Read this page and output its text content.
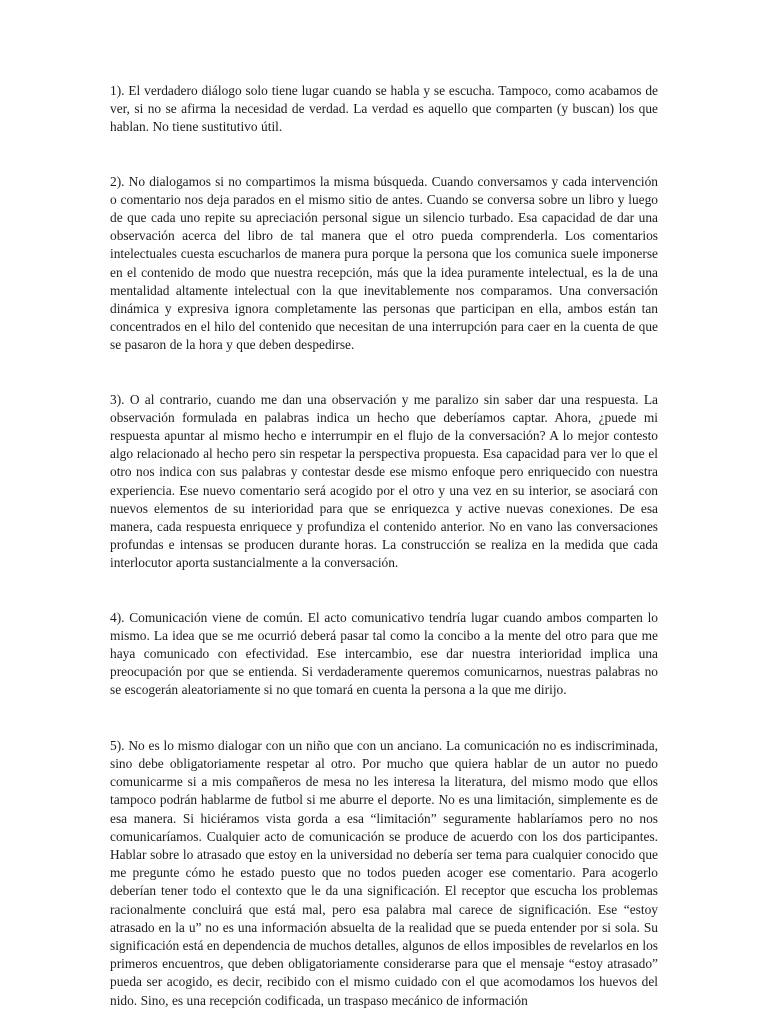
1). El verdadero diálogo solo tiene lugar cuando se habla y se escucha. Tampoco, como acabamos de ver, si no se afirma la necesidad de verdad. La verdad es aquello que comparten (y buscan) los que hablan. No tiene sustitutivo útil.

2). No dialogamos si no compartimos la misma búsqueda. Cuando conversamos y cada intervención o comentario nos deja parados en el mismo sitio de antes. Cuando se conversa sobre un libro y luego de que cada uno repite su apreciación personal sigue un silencio turbado. Esa capacidad de dar una observación acerca del libro de tal manera que el otro pueda comprenderla. Los comentarios intelectuales cuesta escucharlos de manera pura porque la persona que los comunica suele imponerse en el contenido de modo que nuestra recepción, más que la idea puramente intelectual, es la de una mentalidad altamente intelectual con la que inevitablemente nos comparamos. Una conversación dinámica y expresiva ignora completamente las personas que participan en ella, ambos están tan concentrados en el hilo del contenido que necesitan de una interrupción para caer en la cuenta de que se pasaron de la hora y que deben despedirse.

3). O al contrario, cuando me dan una observación y me paralizo sin saber dar una respuesta. La observación formulada en palabras indica un hecho que deberíamos captar. Ahora, ¿puede mi respuesta apuntar al mismo hecho e interrumpir en el flujo de la conversación? A lo mejor contesto algo relacionado al hecho pero sin respetar la perspectiva propuesta. Esa capacidad para ver lo que el otro nos indica con sus palabras y contestar desde ese mismo enfoque pero enriquecido con nuestra experiencia. Ese nuevo comentario será acogido por el otro y una vez en su interior, se asociará con nuevos elementos de su interioridad para que se enriquezca y active nuevas conexiones. De esa manera, cada respuesta enriquece y profundiza el contenido anterior. No en vano las conversaciones profundas e intensas se producen durante horas. La construcción se realiza en la medida que cada interlocutor aporta sustancialmente a la conversación.

4). Comunicación viene de común. El acto comunicativo tendría lugar cuando ambos comparten lo mismo. La idea que se me ocurrió deberá pasar tal como la concibo a la mente del otro para que me haya comunicado con efectividad. Ese intercambio, ese dar nuestra interioridad implica una preocupación por que se entienda. Si verdaderamente queremos comunicarnos, nuestras palabras no se escogerán aleatoriamente si no que tomará en cuenta la persona a la que me dirijo.

5). No es lo mismo dialogar con un niño que con un anciano. La comunicación no es indiscriminada, sino debe obligatoriamente respetar al otro. Por mucho que quiera hablar de un autor no puedo comunicarme si a mis compañeros de mesa no les interesa la literatura, del mismo modo que ellos tampoco podrán hablarme de futbol si me aburre el deporte. No es una limitación, simplemente es de esa manera. Si hiciéramos vista gorda a esa “limitación” seguramente hablaríamos pero no nos comunicaríamos. Cualquier acto de comunicación se produce de acuerdo con los dos participantes. Hablar sobre lo atrasado que estoy en la universidad no debería ser tema para cualquier conocido que me pregunte cómo he estado puesto que no todos pueden acoger ese comentario. Para acogerlo deberían tener todo el contexto que le da una significación. El receptor que escucha los problemas racionalmente concluirá que está mal, pero esa palabra mal carece de significación. Ese “estoy atrasado en la u” no es una información absuelta de la realidad que se pueda entender por si sola. Su significación está en dependencia de muchos detalles, algunos de ellos imposibles de revelarlos en los primeros encuentros, que deben obligatoriamente considerarse para que el mensaje “estoy atrasado” pueda ser acogido, es decir, recibido con el mismo cuidado con el que acomodamos los huevos del nido. Sino, es una recepción codificada, un traspaso mecánico de información
